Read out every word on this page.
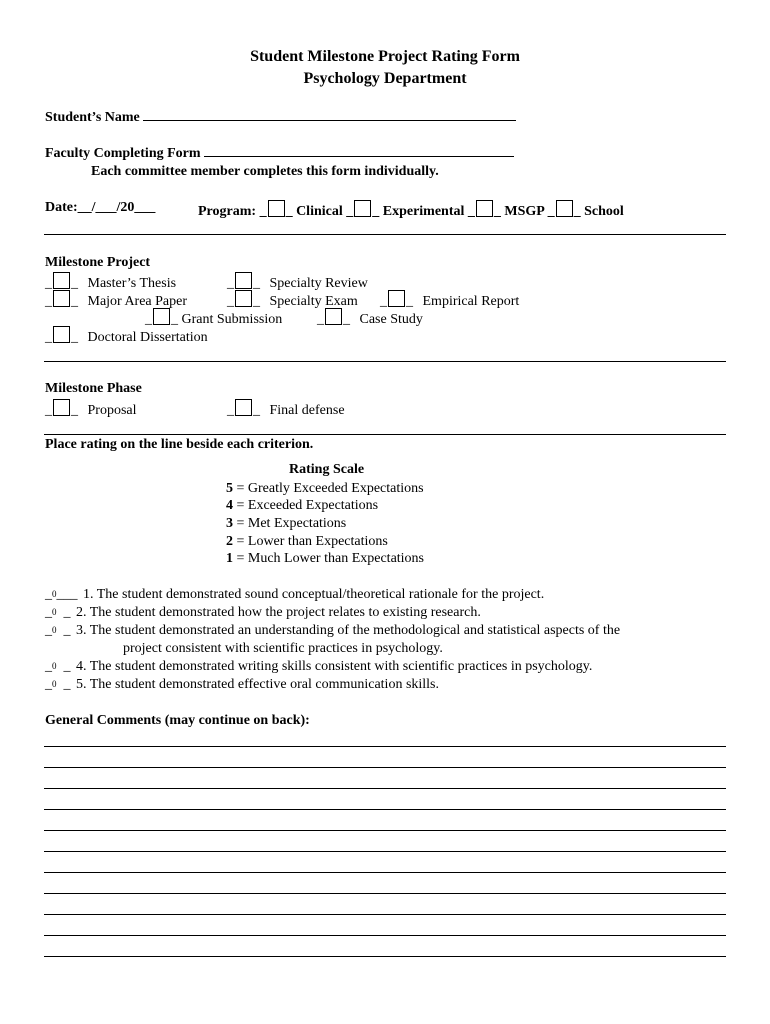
Student Milestone Project Rating Form
Psychology Department
Student’s Name
Faculty Completing Form
Each committee member completes this form individually.
Date:__/___/20___	Program: _ _ Clinical _ _ Experimental _ _ MSGP _ _ School
Milestone Project
_ _ Master’s Thesis	_ _ Specialty Review
_ _ Major Area Paper	_ _ Specialty Exam _ _ Empirical Report
_ _ Grant Submission _ _ Case Study
_ _ Doctoral Dissertation
Milestone Phase
_ _ Proposal	_ _ Final defense
Place rating on the line beside each criterion.
Rating Scale
5 = Greatly Exceeded Expectations
4 = Exceeded Expectations
3 = Met Expectations
2 = Lower than Expectations
1 = Much Lower than Expectations
_0___ 1. The student demonstrated sound conceptual/theoretical rationale for the project.
_0  _ 2. The student demonstrated how the project relates to existing research.
_0  _ 3. The student demonstrated an understanding of the methodological and statistical aspects of the
project consistent with scientific practices in psychology.
_0  _ 4. The student demonstrated writing skills consistent with scientific practices in psychology.
_0  _ 5. The student demonstrated effective oral communication skills.
General Comments (may continue on back):
